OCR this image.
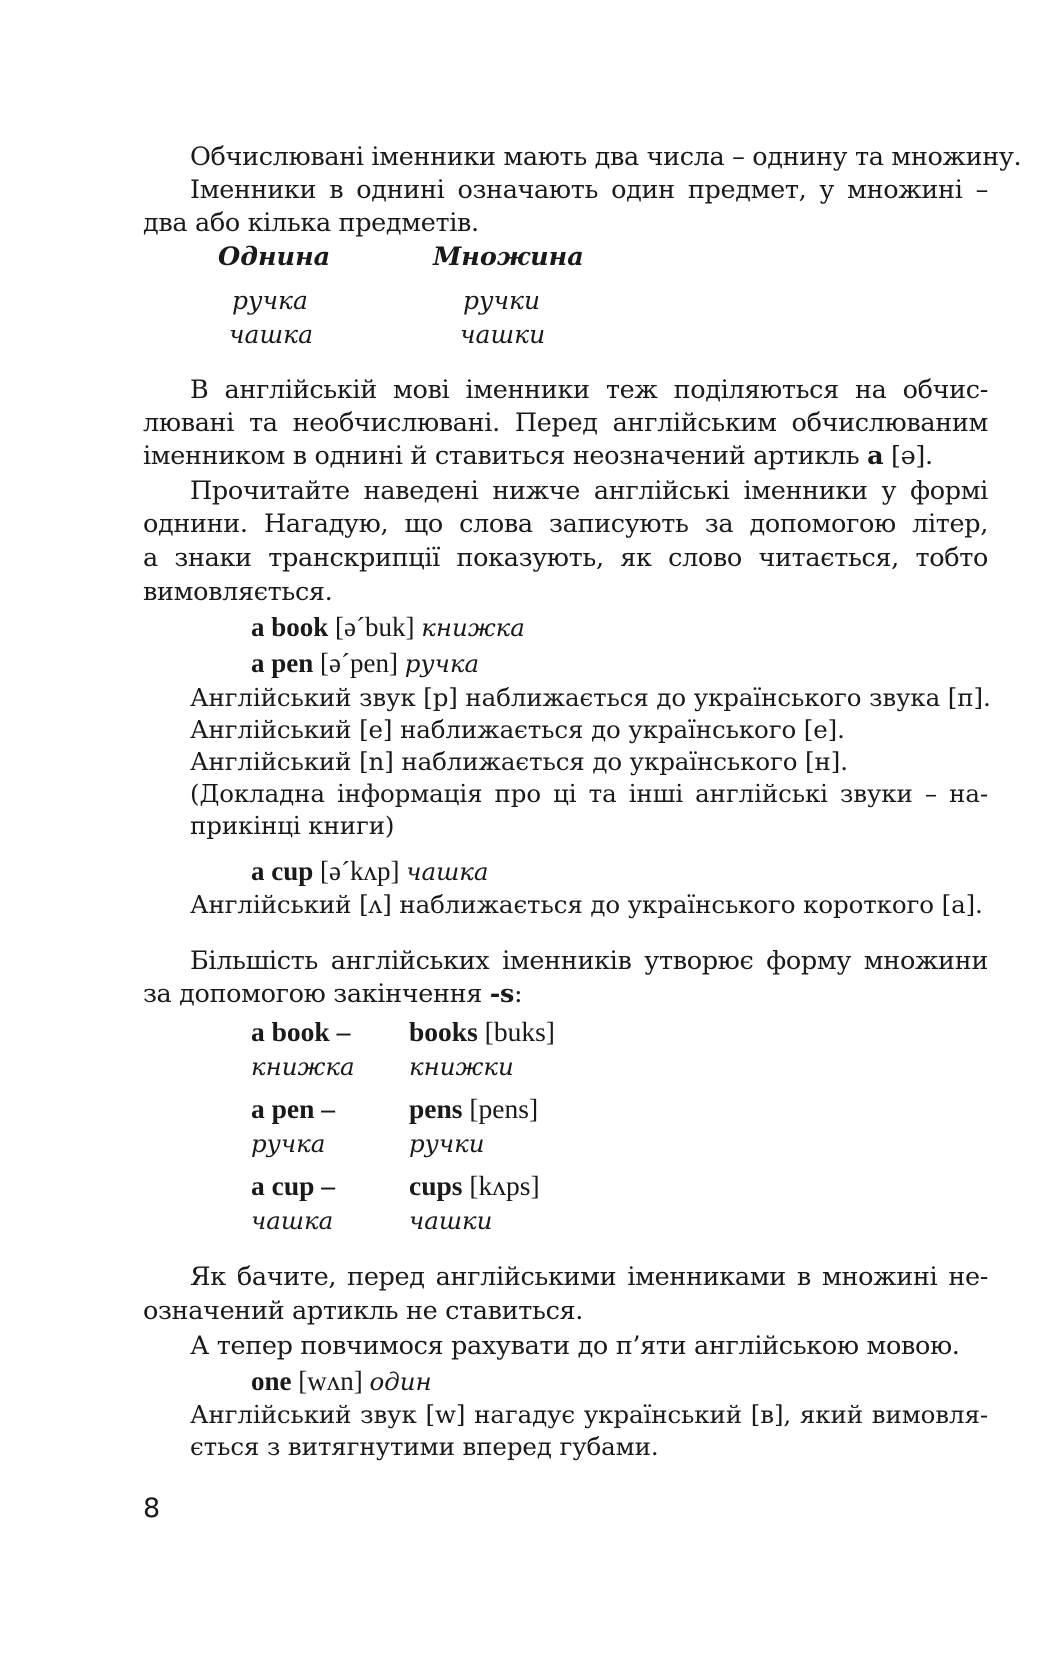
Обчислювані іменники мають два числа – однину та множину.
Іменники в однині означають один предмет, у множині –
два або кілька предметів.
Однина	Множина
ручка	ручки
чашка	чашки
В англійській мові іменники теж поділяються на обчис-
лювані та необчислювані. Перед англійським обчислюваним
іменником в однині й ставиться неозначений артикль a [ə].
Прочитайте наведені нижче англійські іменники у формі
однини. Нагадую, що слова записують за допомогою літер,
а знаки транскрипції показують, як слово читається, тобто
вимовляється.
a book [əˊbuk] книжка
a pen [əˊpen] ручка
Англійський звук [p] наближається до українського звука [п].
Англійський [e] наближається до українського [е].
Англійський [n] наближається до українського [н].
(Докладна інформація про ці та інші англійські звуки – на-
прикінці книги)
a cup [əˊkʌp] чашка
Англійський [ʌ] наближається до українського короткого [а].
Більшість англійських іменників утворює форму множини
за допомогою закінчення -s:
a book – books [buks]
книжка книжки
a pen –	pens [pens]
ручка	ручки
a cup –	cups [kʌps]
чашка	чашки
Як бачите, перед англійськими іменниками в множині не-
означений артикль не ставиться.
А тепер повчимося рахувати до п’яти англійською мовою.
one [wʌn] один
Англійський звук [w] нагадує український [в], який вимовля-
ється з витягнутими вперед губами.
8
